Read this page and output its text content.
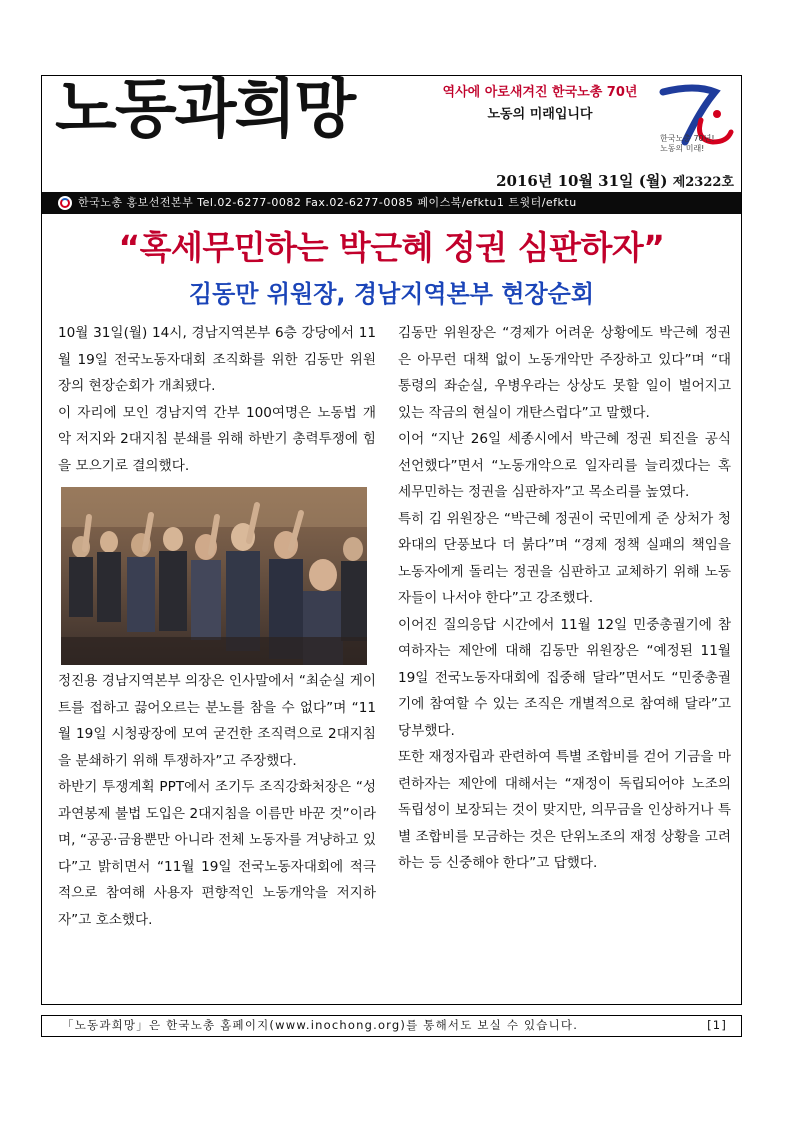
노동과희망	역사에 아로새겨진 한국노총 70년
노동의 미래입니다
한국노총 70년!
노동의 미래!
2016년 10월 31일 (월) 제2322호
한국노총 홍보선전본부 Tel.02-6277-0082 Fax.02-6277-0085 페이스북/efktu1 트윗터/efktu
“혹세무민하는 박근혜 정권 심판하자”
김동만 위원장, 경남지역본부 현장순회

10월 31일(월) 14시, 경남지역본부 6층 강당에서 11월 19일 전국노동자대회 조직화를 위한 김동만 위원장의 현장순회가 개최됐다.

이 자리에 모인 경남지역 간부 100여명은 노동법 개악 저지와 2대지침 분쇄를 위해 하반기 총력투쟁에 힘을 모으기로 결의했다.

정진용 경남지역본부 의장은 인사말에서 “최순실 게이트를 접하고 끓어오르는 분노를 참을 수 없다”며 “11월 19일 시청광장에 모여 굳건한 조직력으로 2대지침을 분쇄하기 위해 투쟁하자”고 주장했다.

하반기 투쟁계획 PPT에서 조기두 조직강화처장은 “성과연봉제 불법 도입은 2대지침을 이름만 바꾼 것”이라며, “공공·금융뿐만 아니라 전체 노동자를 겨냥하고 있다”고 밝히면서 “11월 19일 전국노동자대회에 적극적으로 참여해 사용자 편향적인 노동개악을 저지하자”고 호소했다.

김동만 위원장은 “경제가 어려운 상황에도 박근혜 정권은 아무런 대책 없이 노동개악만 주장하고 있다”며 “대통령의 좌순실, 우병우라는 상상도 못할 일이 벌어지고 있는 작금의 현실이 개탄스럽다”고 말했다.

이어 “지난 26일 세종시에서 박근혜 정권 퇴진을 공식 선언했다”면서 “노동개악으로 일자리를 늘리겠다는 혹세무민하는 정권을 심판하자”고 목소리를 높였다.

특히 김 위원장은 “박근혜 정권이 국민에게 준 상처가 청와대의 단풍보다 더 붉다”며 “경제 정책 실패의 책임을 노동자에게 돌리는 정권을 심판하고 교체하기 위해 노동자들이 나서야 한다”고 강조했다.

이어진 질의응답 시간에서 11월 12일 민중총궐기에 참여하자는 제안에 대해 김동만 위원장은 “예정된 11월 19일 전국노동자대회에 집중해 달라”면서도 “민중총궐기에 참여할 수 있는 조직은 개별적으로 참여해 달라”고 당부했다.

또한 재정자립과 관련하여 특별 조합비를 걷어 기금을 마련하자는 제안에 대해서는 “재정이 독립되어야 노조의 독립성이 보장되는 것이 맞지만, 의무금을 인상하거나 특별 조합비를 모금하는 것은 단위노조의 재정 상황을 고려하는 등 신중해야 한다”고 답했다.

「노동과희망」은 한국노총 홈페이지(www.inochong.org)를 통해서도 보실 수 있습니다.	[1]
